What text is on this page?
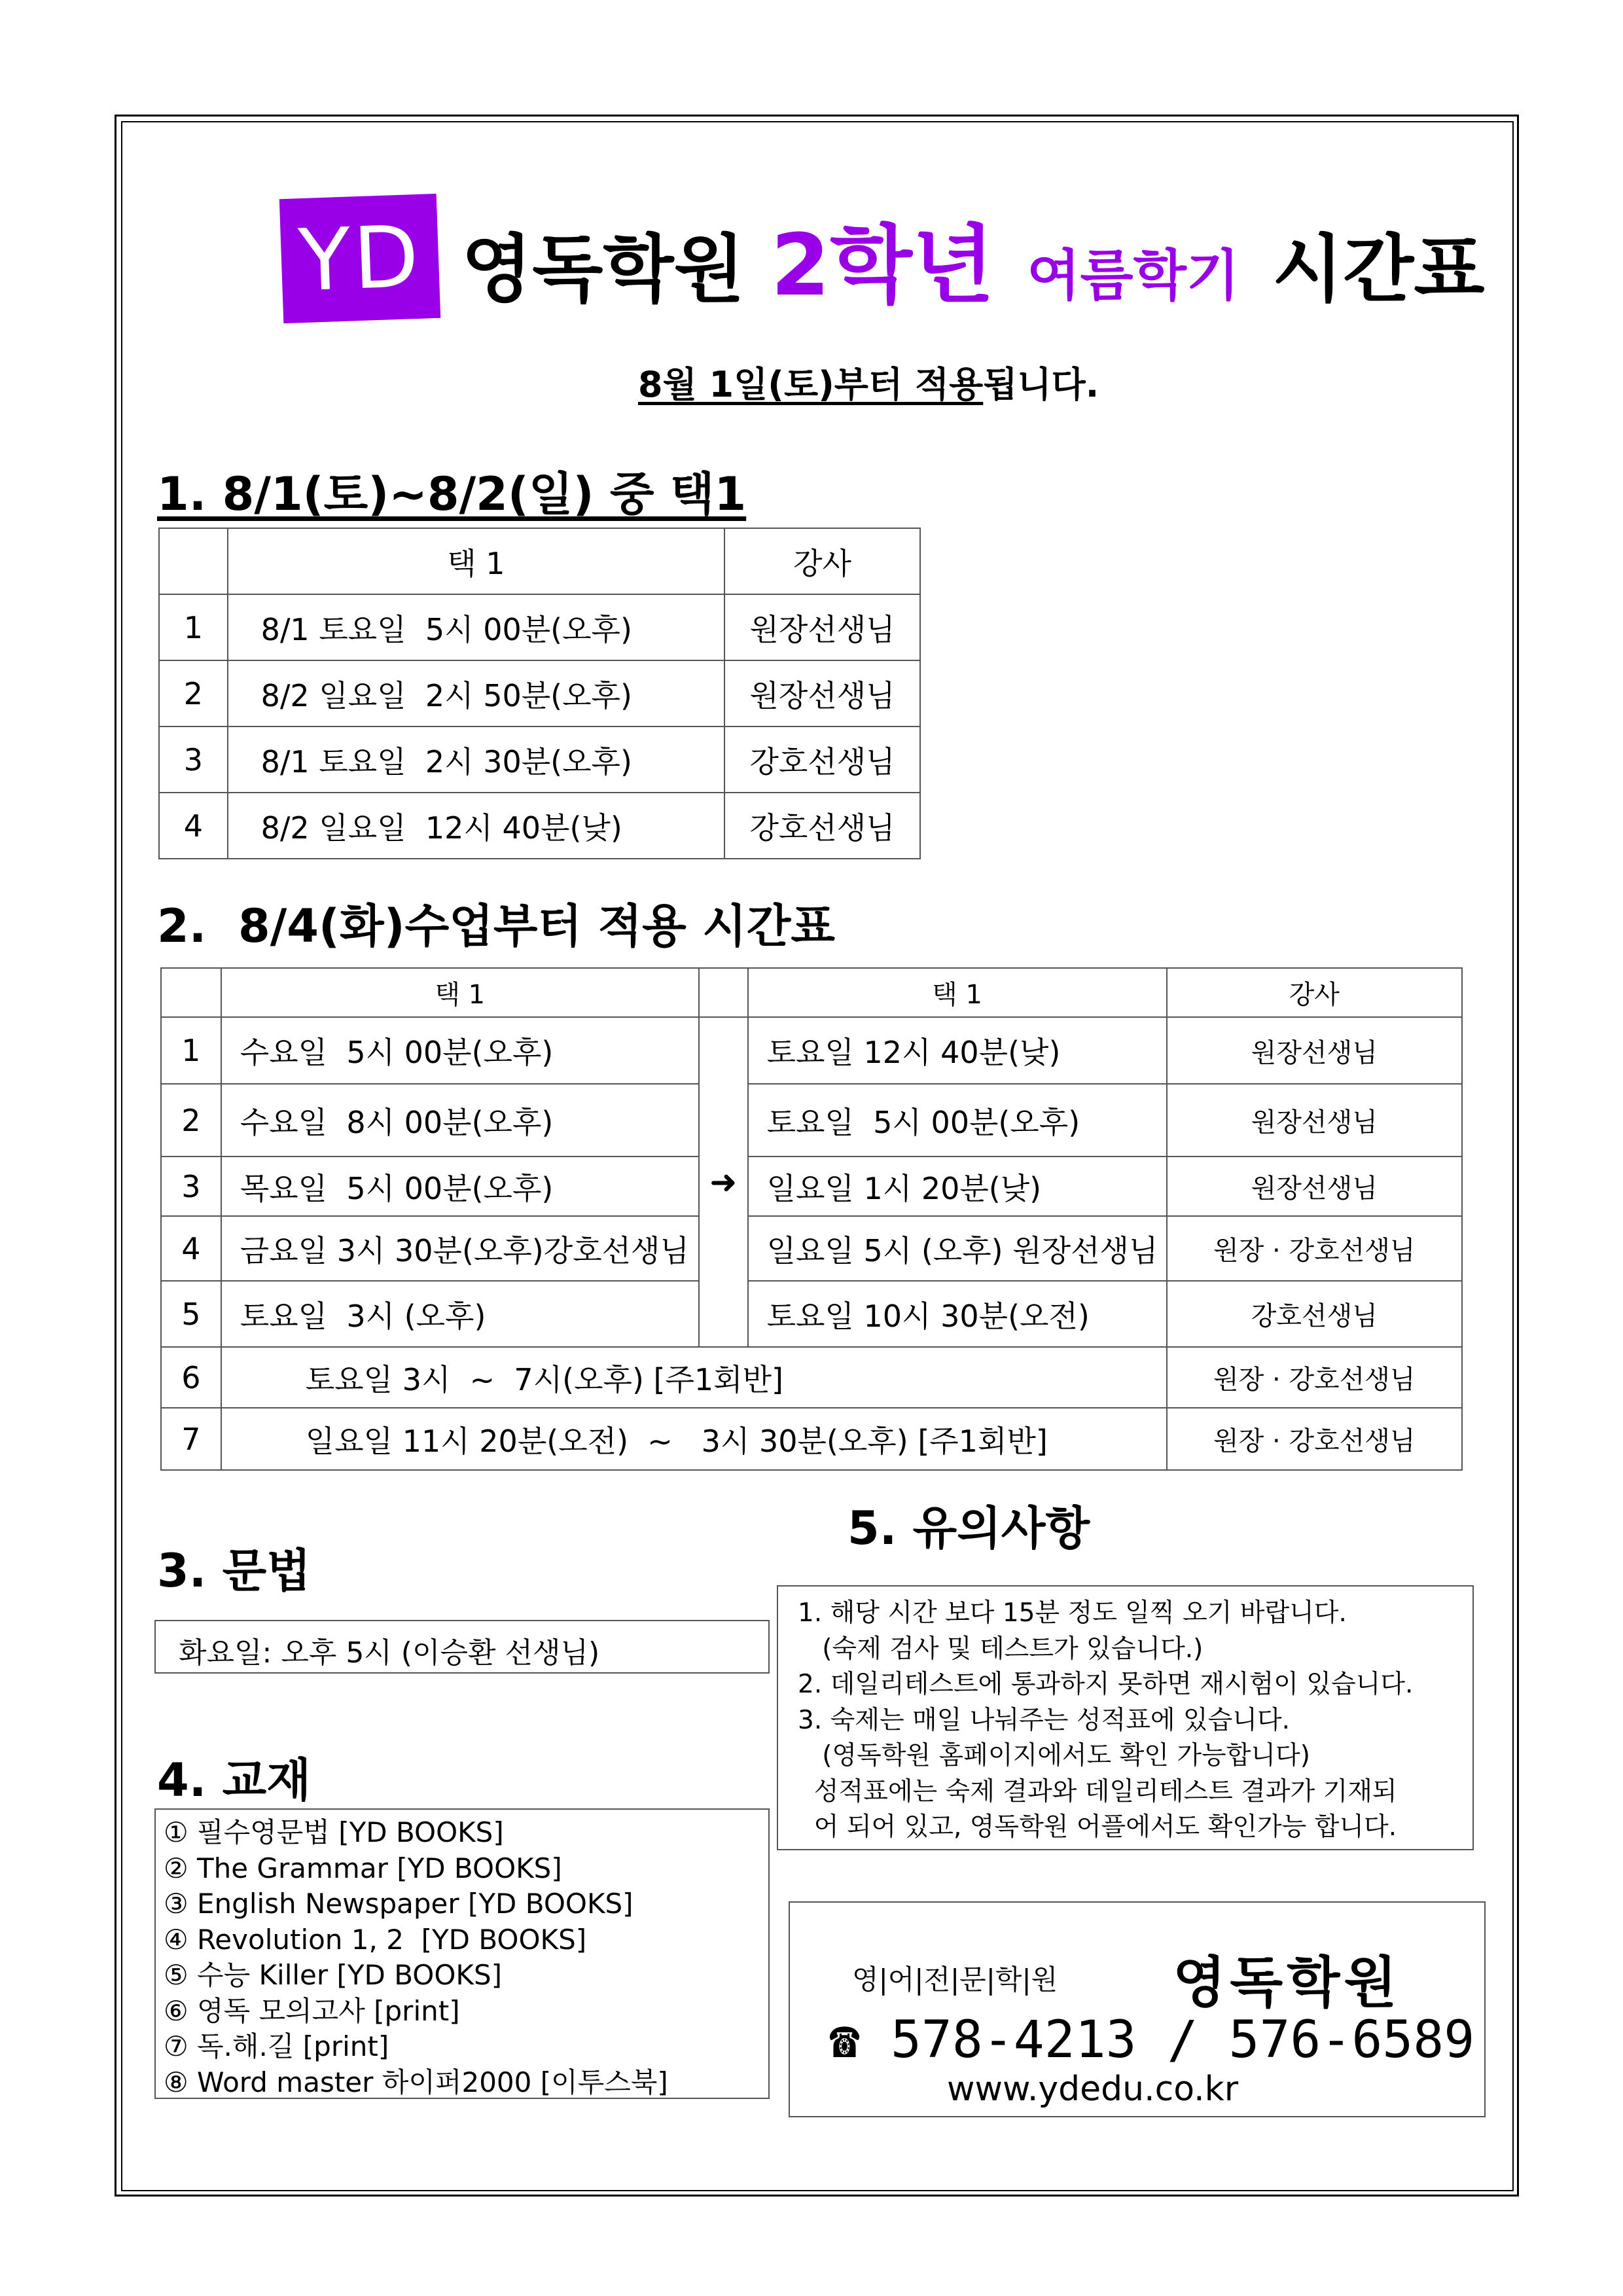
YD 영독학원 2학년 여름학기 시간표
8월 1일(토)부터 적용됩니다.
1. 8/1(토)~8/2(일) 중 택1
	택 1	강사
1	8/1 토요일  5시 00분(오후)	원장선생님
2	8/2 일요일  2시 50분(오후)	원장선생님
3	8/1 토요일  2시 30분(오후)	강호선생님
4	8/2 일요일  12시 40분(낮)	강호선생님
2.  8/4(화)수업부터 적용 시간표
	택 1		택 1	강사
1	수요일  5시 00분(오후)	➜	토요일 12시 40분(낮)	원장선생님
2	수요일  8시 00분(오후)		토요일  5시 00분(오후)	원장선생님
3	목요일  5시 00분(오후)		일요일 1시 20분(낮)	원장선생님
4	금요일 3시 30분(오후)강호선생님		일요일 5시 (오후) 원장선생님	원장 · 강호선생님
5	토요일  3시 (오후)		토요일 10시 30분(오전)	강호선생님
6	토요일 3시  ~  7시(오후) [주1회반]			원장 · 강호선생님
7	일요일 11시 20분(오전)  ~   3시 30분(오후) [주1회반]			원장 · 강호선생님
3. 문법
화요일: 오후 5시 (이승환 선생님)
4. 교재
① 필수영문법 [YD BOOKS]
② The Grammar [YD BOOKS]
③ English Newspaper [YD BOOKS]
④ Revolution 1, 2  [YD BOOKS]
⑤ 수능 Killer [YD BOOKS]
⑥ 영독 모의고사 [print]
⑦ 독.해.길 [print]
⑧ Word master 하이퍼2000 [이투스북]
5. 유의사항
1. 해당 시간 보다 15분 정도 일찍 오기 바랍니다.
(숙제 검사 및 테스트가 있습니다.)
2. 데일리테스트에 통과하지 못하면 재시험이 있습니다.
3. 숙제는 매일 나눠주는 성적표에 있습니다.
(영독학원 홈페이지에서도 확인 가능합니다)
성적표에는 숙제 결과와 데일리테스트 결과가 기재되
어 되어 있고, 영독학원 어플에서도 확인가능 합니다.
영|어|전|문|학|원 영독학원
☎ 578-4213 / 576-6589
www.ydedu.co.kr
